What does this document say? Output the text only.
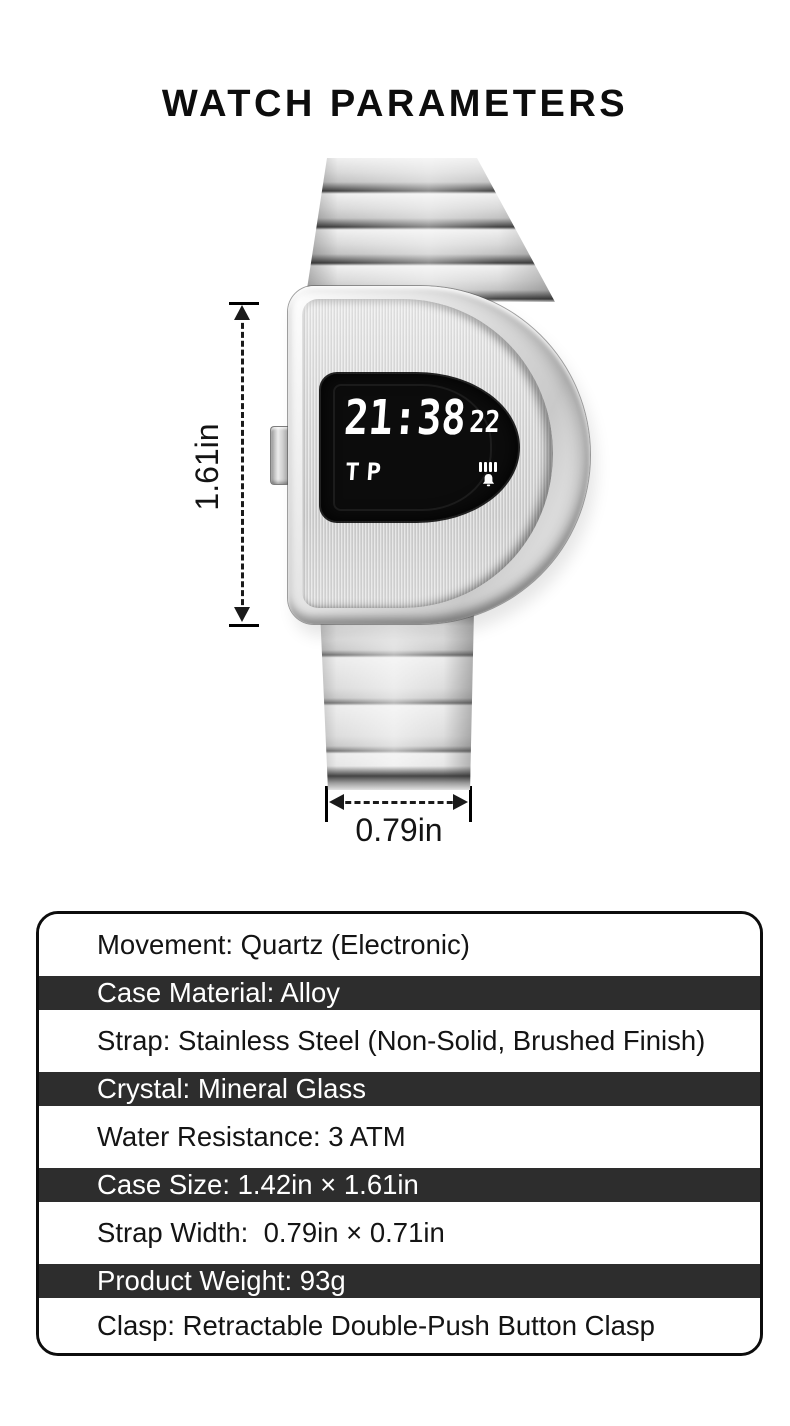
WATCH PARAMETERS
21:38 22
TP
1.61in
0.79in
Movement: Quartz (Electronic)
Case Material: Alloy
Strap: Stainless Steel (Non-Solid, Brushed Finish)
Crystal: Mineral Glass
Water Resistance: 3 ATM
Case Size: 1.42in × 1.61in
Strap Width:  0.79in × 0.71in
Product Weight: 93g
Clasp: Retractable Double-Push Button Clasp
